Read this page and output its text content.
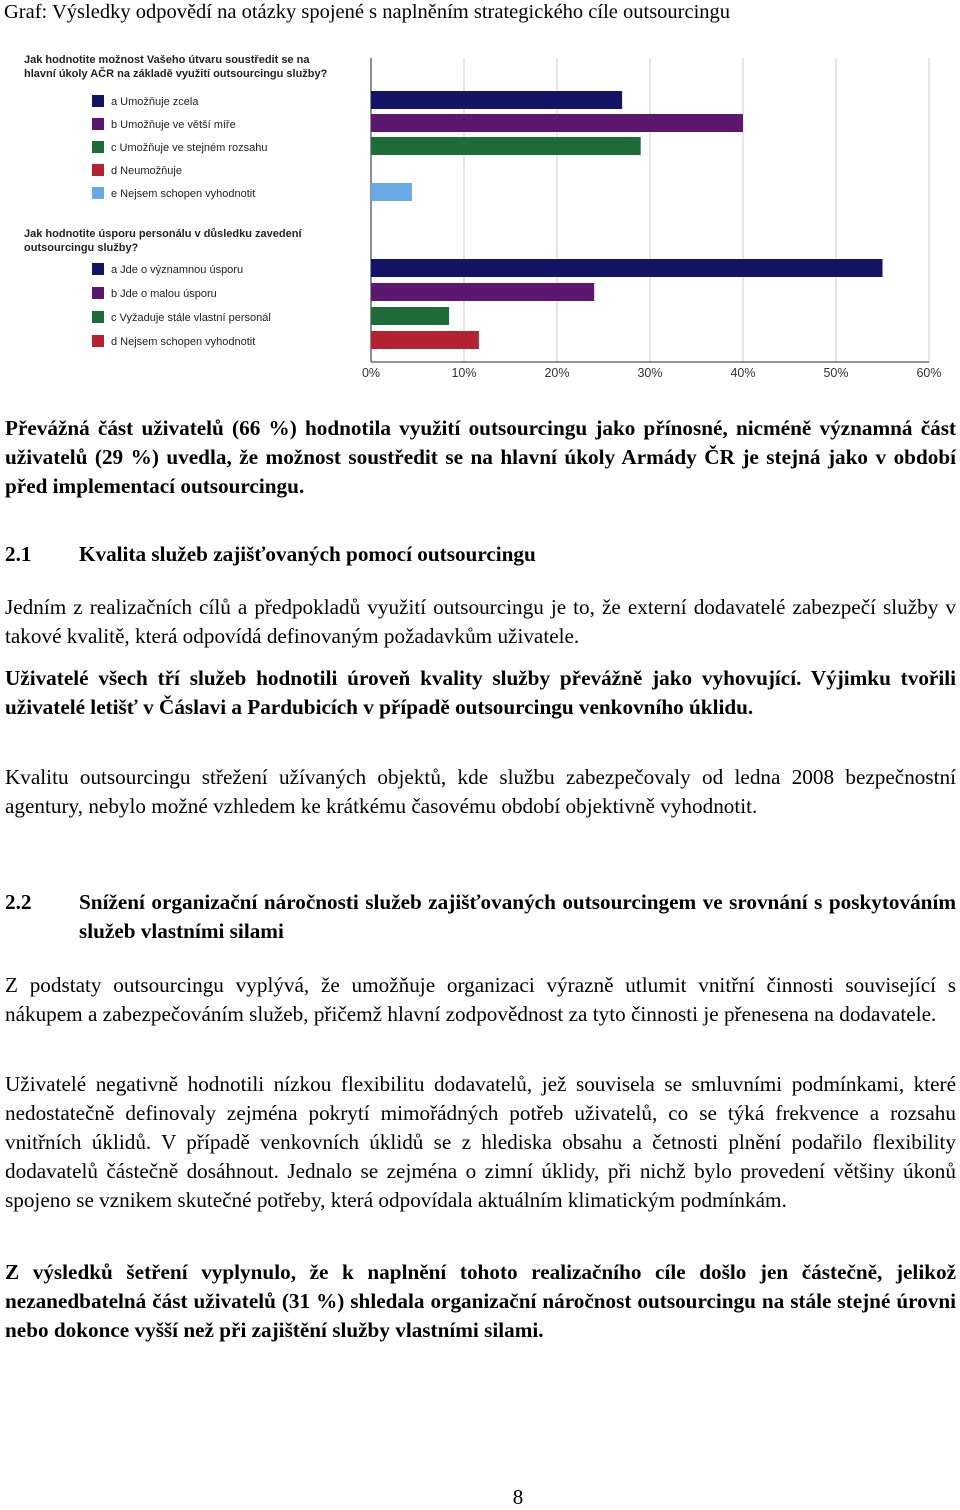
Graf: Výsledky odpovědí na otázky spojené s naplněním strategického cíle outsourcingu
0%	10%	20%	30%	40%	50%	60%
Jak hodnotite možnost Vašeho útvaru soustředit se na
hlavní úkoly AČR na základě využití outsourcingu služby?
a Umožňuje zcela
b Umožňuje ve větší míře
c Umožňuje ve stejném rozsahu
d Neumožňuje
e Nejsem schopen vyhodnotit
Jak hodnotite úsporu personálu v důsledku zavedení
outsourcingu služby?
a Jde o významnou úsporu
b Jde o malou úsporu
c Vyžaduje stále vlastní personál
d Nejsem schopen vyhodnotit
Převážná část uživatelů (66 %) hodnotila využití outsourcingu jako přínosné, nicméně významná část uživatelů (29 %) uvedla, že možnost soustředit se na hlavní úkoly Armády ČR je stejná jako v období před implementací outsourcingu.
2.1 Kvalita služeb zajišťovaných pomocí outsourcingu
Jedním z realizačních cílů a předpokladů využití outsourcingu je to, že externí dodavatelé zabezpečí služby v takové kvalitě, která odpovídá definovaným požadavkům uživatele.
Uživatelé všech tří služeb hodnotili úroveň kvality služby převážně jako vyhovující. Výjimku tvořili uživatelé letišť v Čáslavi a Pardubicích v případě outsourcingu venkovního úklidu.
Kvalitu outsourcingu střežení užívaných objektů, kde službu zabezpečovaly od ledna 2008 bezpečnostní agentury, nebylo možné vzhledem ke krátkému časovému období objektivně vyhodnotit.
2.2 Snížení organizační náročnosti služeb zajišťovaných outsourcingem ve srovnání s poskytováním služeb vlastními silami
Z podstaty outsourcingu vyplývá, že umožňuje organizaci výrazně utlumit vnitřní činnosti související s nákupem a zabezpečováním služeb, přičemž hlavní zodpovědnost za tyto činnosti je přenesena na dodavatele.
Uživatelé negativně hodnotili nízkou flexibilitu dodavatelů, jež souvisela se smluvními podmínkami, které nedostatečně definovaly zejména pokrytí mimořádných potřeb uživatelů, co se týká frekvence a rozsahu vnitřních úklidů. V případě venkovních úklidů se z hlediska obsahu a četnosti plnění podařilo flexibility dodavatelů částečně dosáhnout. Jednalo se zejména o zimní úklidy, při nichž bylo provedení většiny úkonů spojeno se vznikem skutečné potřeby, která odpovídala aktuálním klimatickým podmínkám.
Z výsledků šetření vyplynulo, že k naplnění tohoto realizačního cíle došlo jen částečně, jelikož nezanedbatelná část uživatelů (31 %) shledala organizační náročnost outsourcingu na stále stejné úrovni nebo dokonce vyšší než při zajištění služby vlastními silami.
8
